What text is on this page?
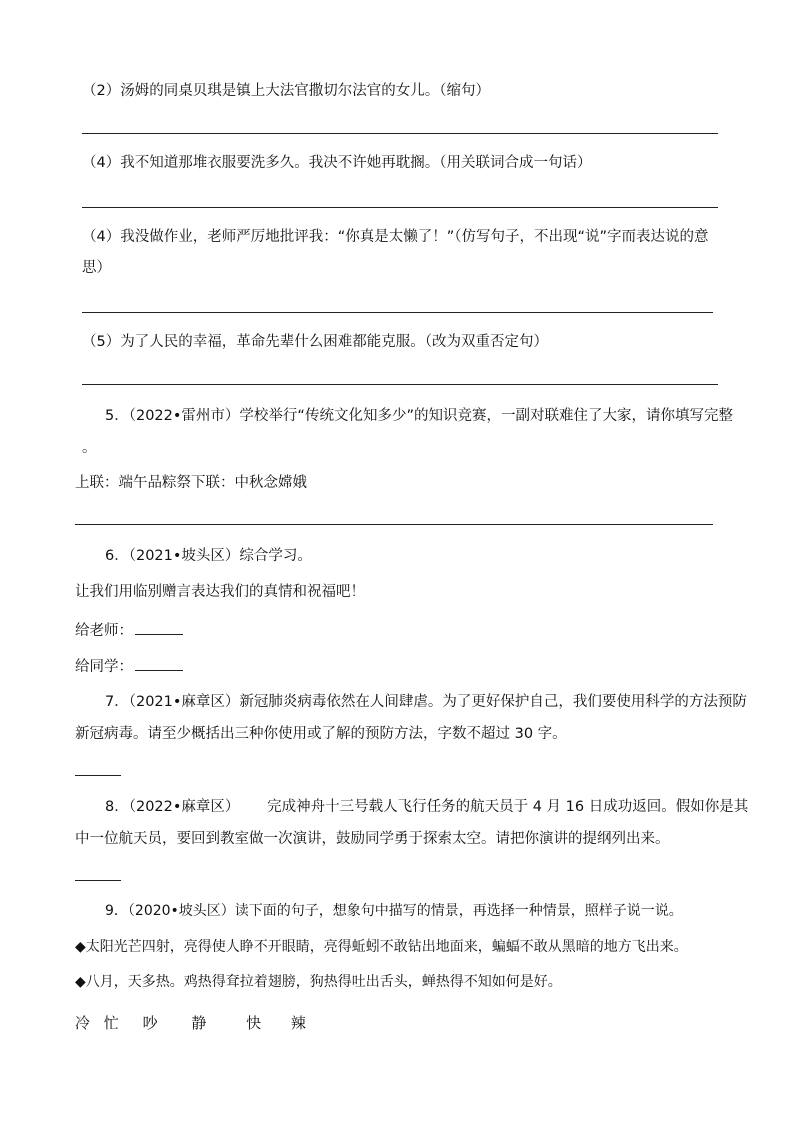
（2）汤姆的同桌贝琪是镇上大法官撒切尔法官的女儿。（缩句）
（4）我不知道那堆衣服要洗多久。我决不许她再耽搁。（用关联词合成一句话）
（4）我没做作业，老师严厉地批评我：“你真是太懒了！”（仿写句子，不出现“说”字而表达说的意
思）
（5）为了人民的幸福，革命先辈什么困难都能克服。（改为双重否定句）
5．（2022•雷州市）学校举行“传统文化知多少”的知识竞赛，一副对联难住了大家，请你填写完整
。
上联：端午品粽祭下联：中秋念嫦娥
6．（2021•坡头区）综合学习。
让我们用临别赠言表达我们的真情和祝福吧！
给老师：
给同学：
7．（2021•麻章区）新冠肺炎病毒依然在人间肆虐。为了更好保护自己，我们要使用科学的方法预防
新冠病毒。请至少概括出三种你使用或了解的预防方法，字数不超过 30 字。
8．（2022•麻章区）      完成神舟十三号载人飞行任务的航天员于 4 月 16 日成功返回。假如你是其
中一位航天员，要回到教室做一次演讲，鼓励同学勇于探索太空。请把你演讲的提纲列出来。
9．（2020•坡头区）读下面的句子，想象句中描写的情景，再选择一种情景，照样子说一说。
◆太阳光芒四射，亮得使人睁不开眼睛，亮得蚯蚓不敢钻出地面来，蝙蝠不敢从黑暗的地方飞出来。
◆八月，天多热。鸡热得耷拉着翅膀，狗热得吐出舌头，蝉热得不知如何是好。
冷 忙 吵 静	快 辣
